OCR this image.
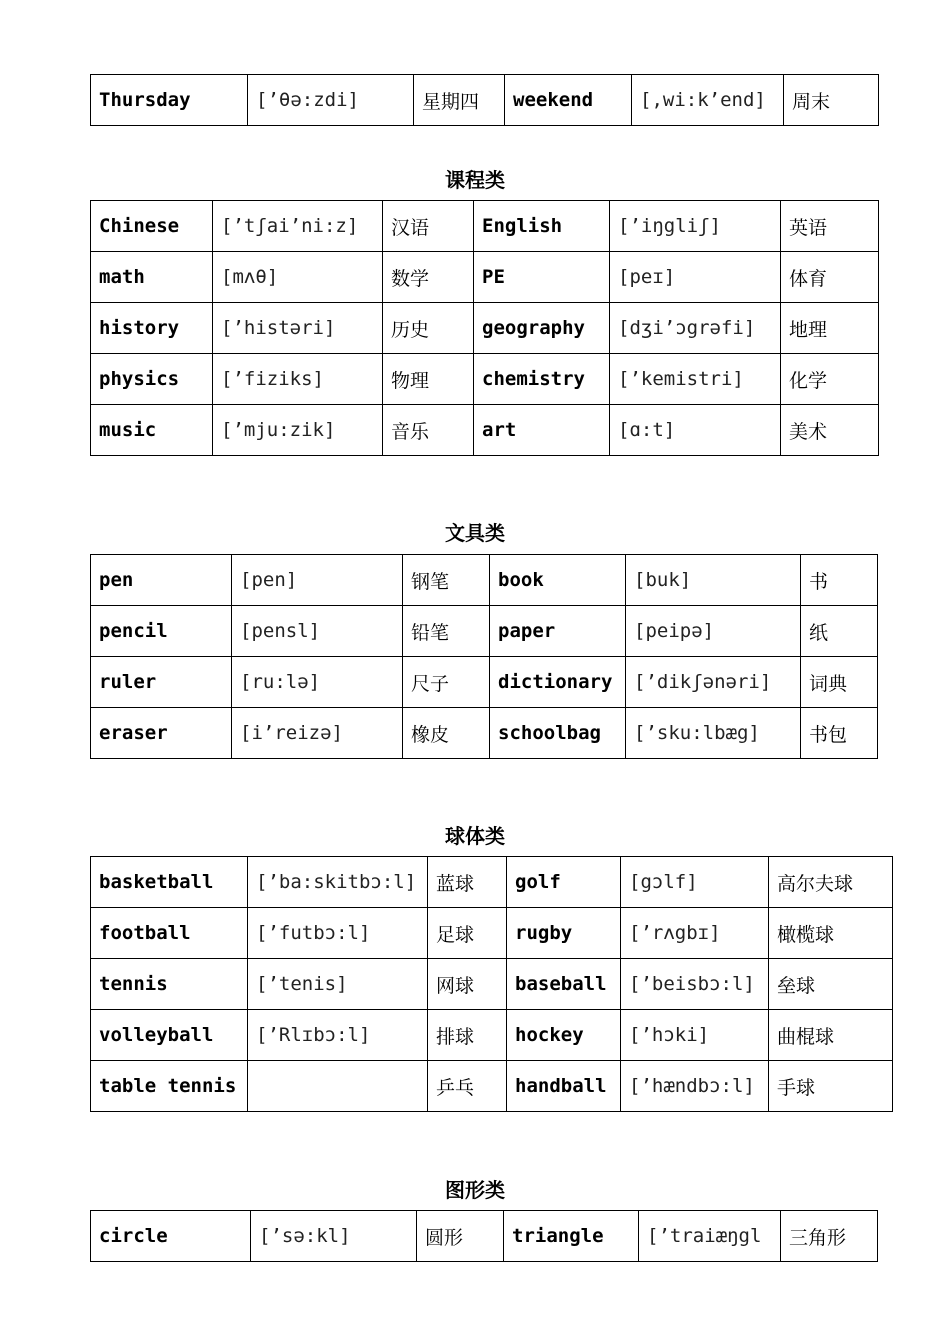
Thursday	[’θə:zdi]	星期四	weekend	[,wi:k’end]	周末
课程类
Chinese	[’tʃai’ni:z]	汉语	English	[’iŋgliʃ]	英语
math	[mʌθ]	数学	PE	[peɪ]	体育
history	[’histəri]	历史	geography	[dʒi’ɔgrəfi]	地理
physics	[’fiziks]	物理	chemistry	[’kemistri]	化学
music	[’mju:zik]	音乐	art	[ɑ:t]	美术
文具类
pen	[pen]	钢笔	book	[buk]	书
pencil	[pensl]	铅笔	paper	[peipə]	纸
ruler	[ru:lə]	尺子	dictionary	[’dikʃənəri]	词典
eraser	[i’reizə]	橡皮	schoolbag	[’sku:lbæg]	书包
球体类
basketball	[’ba:skitbɔ:l]	蓝球	golf	[gɔlf]	高尔夫球
football	[’futbɔ:l]	足球	rugby	[’rʌgbɪ]	橄榄球
tennis	[’tenis]	网球	baseball	[’beisbɔ:l]	垒球
volleyball	[’Rlɪbɔ:l]	排球	hockey	[’hɔki]	曲棍球
table tennis		乒乓	handball	[’hændbɔ:l]	手球
图形类
circle	[’sə:kl]	圆形	triangle	[’traiæŋgl	三角形
